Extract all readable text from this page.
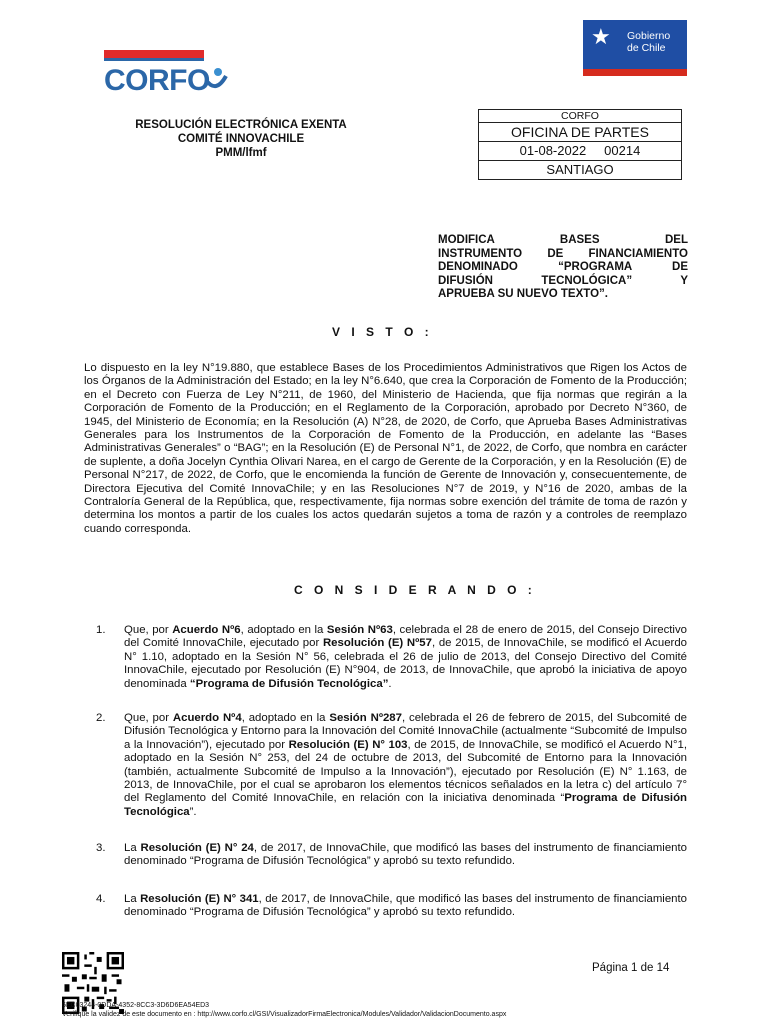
CORFO
★ Gobierno
de Chile
RESOLUCIÓN ELECTRÓNICA EXENTA
COMITÉ INNOVACHILE
PMM/lfmf
CORFO
OFICINA DE PARTES
01-08-2022 00214
SANTIAGO
MODIFICA BASES DEL
INSTRUMENTO DE FINANCIAMIENTO
DENOMINADO “PROGRAMA DE
DIFUSIÓN TECNOLÓGICA” Y
APRUEBA SU NUEVO TEXTO”.
V I S T O :
Lo dispuesto en la ley N°19.880, que establece Bases de los Procedimientos Administrativos que Rigen los Actos de los Órganos de la Administración del Estado; en la ley N°6.640, que crea la Corporación de Fomento de la Producción; en el Decreto con Fuerza de Ley N°211, de 1960, del Ministerio de Hacienda, que fija normas que regirán a la Corporación de Fomento de la Producción; en el Reglamento de la Corporación, aprobado por Decreto N°360, de 1945, del Ministerio de Economía; en la Resolución (A) N°28, de 2020, de Corfo, que Aprueba Bases Administrativas Generales para los Instrumentos de la Corporación de Fomento de la Producción, en adelante las “Bases Administrativas Generales” o “BAG”; en la Resolución (E) de Personal N°1, de 2022, de Corfo, que nombra en carácter de suplente, a doña Jocelyn Cynthia Olivari Narea, en el cargo de Gerente de la Corporación, y en la Resolución (E) de Personal N°217, de 2022, de Corfo, que le encomienda la función de Gerente de Innovación y, consecuentemente, de Directora Ejecutiva del Comité InnovaChile; y en las Resoluciones N°7 de 2019, y N°16 de 2020, ambas de la Contraloría General de la República, que, respectivamente, fija normas sobre exención del trámite de toma de razón y determina los montos a partir de los cuales los actos quedarán sujetos a toma de razón y a controles de reemplazo cuando corresponda.
C O N S I D E R A N D O :
1. Que, por Acuerdo Nº6, adoptado en la Sesión Nº63, celebrada el 28 de enero de 2015, del Consejo Directivo del Comité InnovaChile, ejecutado por Resolución (E) Nº57, de 2015, de InnovaChile, se modificó el Acuerdo N° 1.10, adoptado en la Sesión N° 56, celebrada el 26 de julio de 2013, del Consejo Directivo del Comité InnovaChile, ejecutado por Resolución (E) N°904, de 2013, de InnovaChile, que aprobó la iniciativa de apoyo denominada “Programa de Difusión Tecnológica”.
2. Que, por Acuerdo Nº4, adoptado en la Sesión Nº287, celebrada el 26 de febrero de 2015, del Subcomité de Difusión Tecnológica y Entorno para la Innovación del Comité InnovaChile (actualmente “Subcomité de Impulso a la Innovación”), ejecutado por Resolución (E) N° 103, de 2015, de InnovaChile, se modificó el Acuerdo N°1, adoptado en la Sesión N° 253, del 24 de octubre de 2013, del Subcomité de Entorno para la Innovación (también, actualmente Subcomité de Impulso a la Innovación”), ejecutado por Resolución (E) N° 1.163, de 2013, de InnovaChile, por el cual se aprobaron los elementos técnicos señalados en la letra c) del artículo 7° del Reglamento del Comité InnovaChile, en relación con la iniciativa denominada “Programa de Difusión Tecnológica”.
3. La Resolución (E) N° 24, de 2017, de InnovaChile, que modificó las bases del instrumento de financiamiento denominado “Programa de Difusión Tecnológica” y aprobó su texto refundido.
4. La Resolución (E) N° 341, de 2017, de InnovaChile, que modificó las bases del instrumento de financiamiento denominado “Programa de Difusión Tecnológica” y aprobó su texto refundido.
Página 1 de 14
6EC03244-0DDA-4352-8CC3-3D6D6EA54ED3
Verifique la validez de este documento en : http://www.corfo.cl/GSI/VisualizadorFirmaElectronica/Modules/Validador/ValidacionDocumento.aspx
